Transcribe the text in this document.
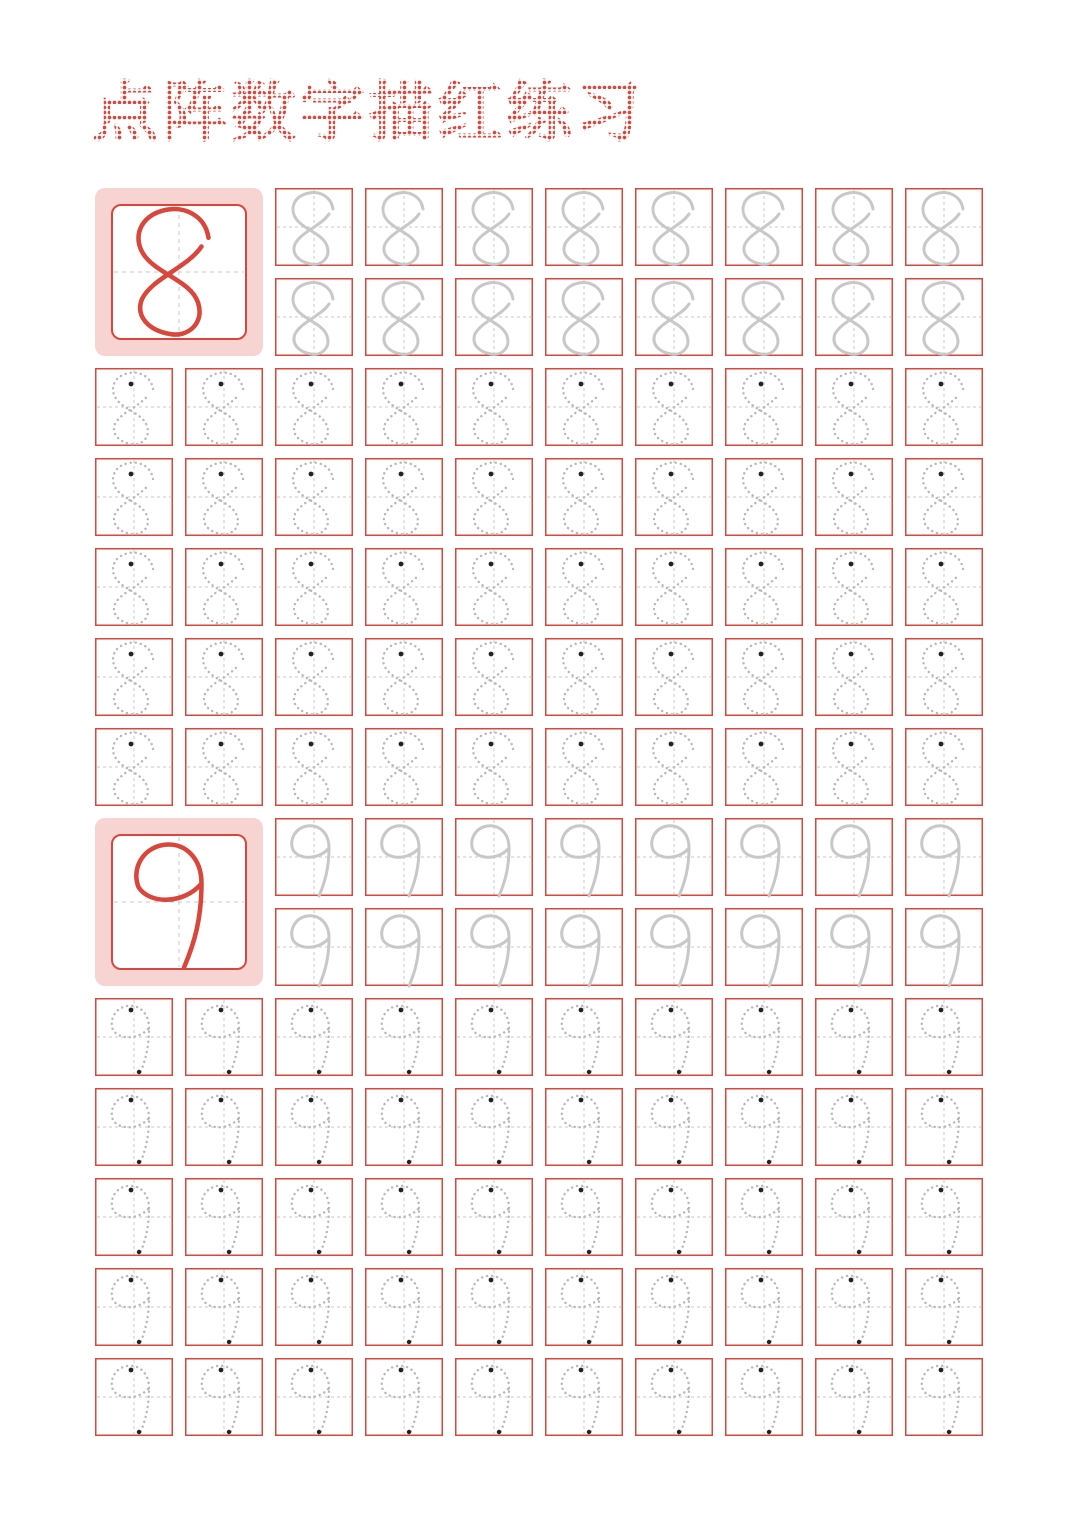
点阵数字描红练习
